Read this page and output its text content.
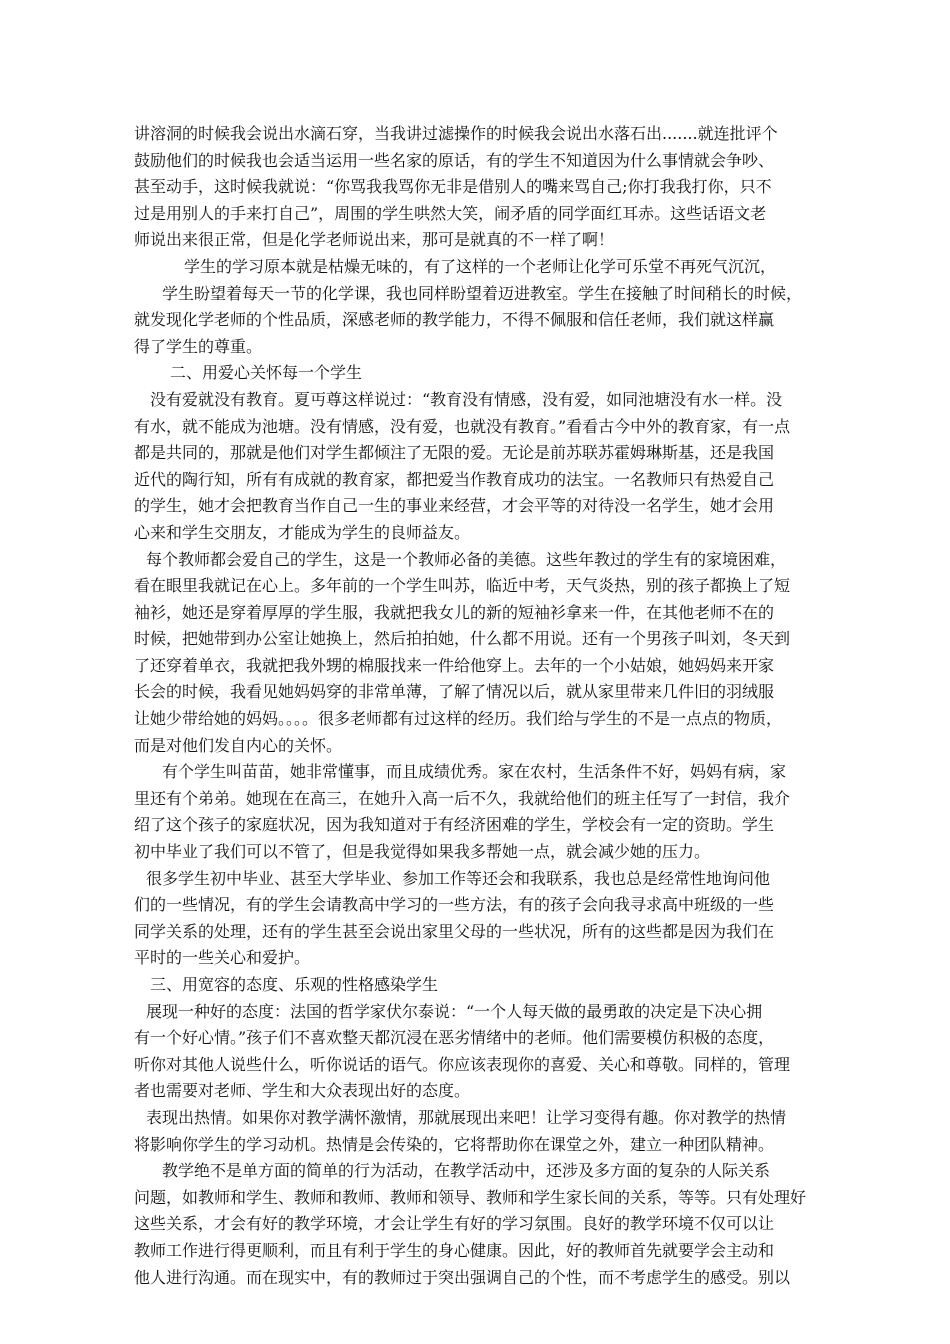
讲溶洞的时候我会说出水滴石穿，当我讲过滤操作的时候我会说出水落石出.......就连批评个
鼓励他们的时候我也会适当运用一些名家的原话，有的学生不知道因为什么事情就会争吵、
甚至动手，这时候我就说：“你骂我我骂你无非是借别人的嘴来骂自己;你打我我打你，只不
过是用别人的手来打自己”，周围的学生哄然大笑，闹矛盾的同学面红耳赤。这些话语文老
师说出来很正常，但是化学老师说出来，那可是就真的不一样了啊！
学生的学习原本就是枯燥无味的，有了这样的一个老师让化学可乐堂不再死气沉沉，
学生盼望着每天一节的化学课，我也同样盼望着迈进教室。学生在接触了时间稍长的时候，
就发现化学老师的个性品质，深感老师的教学能力，不得不佩服和信任老师，我们就这样赢
得了学生的尊重。
二、用爱心关怀每一个学生
没有爱就没有教育。夏丏尊这样说过：“教育没有情感，没有爱，如同池塘没有水一样。没
有水，就不能成为池塘。没有情感，没有爱，也就没有教育。”看看古今中外的教育家，有一点
都是共同的，那就是他们对学生都倾注了无限的爱。无论是前苏联苏霍姆琳斯基，还是我国
近代的陶行知，所有有成就的教育家，都把爱当作教育成功的法宝。一名教师只有热爱自己
的学生，她才会把教育当作自己一生的事业来经营，才会平等的对待没一名学生，她才会用
心来和学生交朋友，才能成为学生的良师益友。
每个教师都会爱自己的学生，这是一个教师必备的美德。这些年教过的学生有的家境困难，
看在眼里我就记在心上。多年前的一个学生叫苏，临近中考，天气炎热，别的孩子都换上了短
袖衫，她还是穿着厚厚的学生服，我就把我女儿的新的短袖衫拿来一件，在其他老师不在的
时候，把她带到办公室让她换上，然后拍拍她，什么都不用说。还有一个男孩子叫刘，冬天到
了还穿着单衣，我就把我外甥的棉服找来一件给他穿上。去年的一个小姑娘，她妈妈来开家
长会的时候，我看见她妈妈穿的非常单薄，了解了情况以后，就从家里带来几件旧的羽绒服
让她少带给她的妈妈。。。。很多老师都有过这样的经历。我们给与学生的不是一点点的物质，
而是对他们发自内心的关怀。
有个学生叫苗苗，她非常懂事，而且成绩优秀。家在农村，生活条件不好，妈妈有病，家
里还有个弟弟。她现在在高三，在她升入高一后不久，我就给他们的班主任写了一封信，我介
绍了这个孩子的家庭状况，因为我知道对于有经济困难的学生，学校会有一定的资助。学生
初中毕业了我们可以不管了，但是我觉得如果我多帮她一点，就会减少她的压力。
很多学生初中毕业、甚至大学毕业、参加工作等还会和我联系，我也总是经常性地询问他
们的一些情况，有的学生会请教高中学习的一些方法，有的孩子会向我寻求高中班级的一些
同学关系的处理，还有的学生甚至会说出家里父母的一些状况，所有的这些都是因为我们在
平时的一些关心和爱护。
三、用宽容的态度、乐观的性格感染学生
展现一种好的态度：法国的哲学家伏尔泰说：“一个人每天做的最勇敢的决定是下决心拥
有一个好心情。”孩子们不喜欢整天都沉浸在恶劣情绪中的老师。他们需要模仿积极的态度，
听你对其他人说些什么，听你说话的语气。你应该表现你的喜爱、关心和尊敬。同样的，管理
者也需要对老师、学生和大众表现出好的态度。
表现出热情。如果你对教学满怀激情，那就展现出来吧！让学习变得有趣。你对教学的热情
将影响你学生的学习动机。热情是会传染的，它将帮助你在课堂之外，建立一种团队精神。
教学绝不是单方面的简单的行为活动，在教学活动中，还涉及多方面的复杂的人际关系
问题，如教师和学生、教师和教师、教师和领导、教师和学生家长间的关系，等等。只有处理好
这些关系，才会有好的教学环境，才会让学生有好的学习氛围。良好的教学环境不仅可以让
教师工作进行得更顺利，而且有利于学生的身心健康。因此，好的教师首先就要学会主动和
他人进行沟通。而在现实中，有的教师过于突出强调自己的个性，而不考虑学生的感受。别以
